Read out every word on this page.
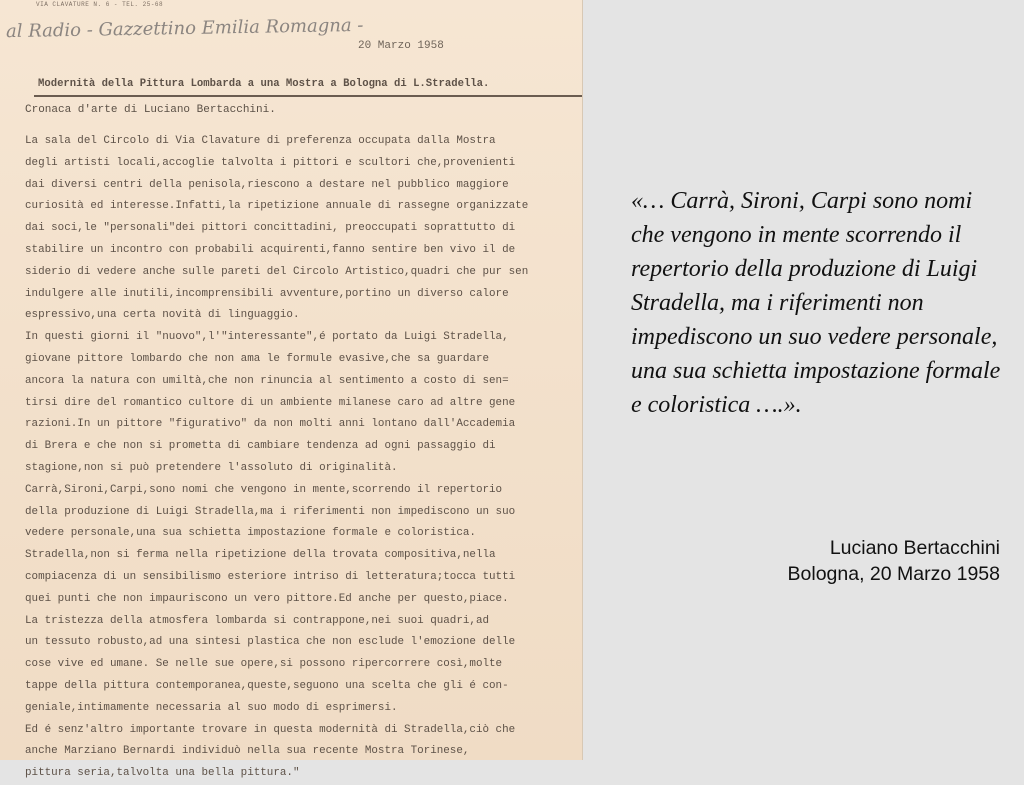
VIA CLAVATURE N. 6 - TEL. 25-68
al Radio - Gazzettino Emilia Romagna -
20 Marzo 1958
Modernità della Pittura Lombarda a una Mostra a Bologna di L.Stradella.
Cronaca d'arte di Luciano Bertacchini.
La sala del Circolo di Via Clavature di preferenza occupata dalla Mostra
degli artisti locali,accoglie talvolta i pittori e scultori che,provenienti
dai diversi centri della penisola,riescono a destare nel pubblico maggiore
curiosità ed interesse.Infatti,la ripetizione annuale di rassegne organizzate
dai soci,le "personali"dei pittori concittadini, preoccupati soprattutto di
stabilire un incontro con probabili acquirenti,fanno sentire ben vivo il de
siderio di vedere anche sulle pareti del Circolo Artistico,quadri che pur sen
indulgere alle inutili,incomprensibili avventure,portino un diverso calore
espressivo,una certa novità di linguaggio.
In questi giorni il "nuovo",l'"interessante",é portato da Luigi Stradella,
giovane pittore lombardo che non ama le formule evasive,che sa guardare
ancora la natura con umiltà,che non rinuncia al sentimento a costo di sen=
tirsi dire del romantico cultore di un ambiente milanese caro ad altre gene
razioni.In un pittore "figurativo" da non molti anni lontano dall'Accademia
di Brera e che non si prometta di cambiare tendenza ad ogni passaggio di
stagione,non si può pretendere l'assoluto di originalità.
Carrà,Sironi,Carpi,sono nomi che vengono in mente,scorrendo il repertorio
della produzione di Luigi Stradella,ma i riferimenti non impediscono un suo
vedere personale,una sua schietta impostazione formale e coloristica.
Stradella,non si ferma nella ripetizione della trovata compositiva,nella
compiacenza di un sensibilismo esteriore intriso di letteratura;tocca tutti
quei punti che non impauriscono un vero pittore.Ed anche per questo,piace.
La tristezza della atmosfera lombarda si contrappone,nei suoi quadri,ad
un tessuto robusto,ad una sintesi plastica che non esclude l'emozione delle
cose vive ed umane. Se nelle sue opere,si possono ripercorrere così,molte
tappe della pittura contemporanea,queste,seguono una scelta che gli é con-
geniale,intimamente necessaria al suo modo di esprimersi.
Ed é senz'altro importante trovare in questa modernità di Stradella,ciò che
anche Marziano Bernardi individuò nella sua recente Mostra Torinese,
pittura seria,talvolta una bella pittura."

«… Carrà, Sironi, Carpi sono nomi che vengono in mente scorrendo il repertorio della produzione di Luigi Stradella, ma i riferimenti non impediscono un suo vedere personale, una sua schietta impostazione formale e coloristica ….».

Luciano Bertacchini
Bologna, 20 Marzo 1958
